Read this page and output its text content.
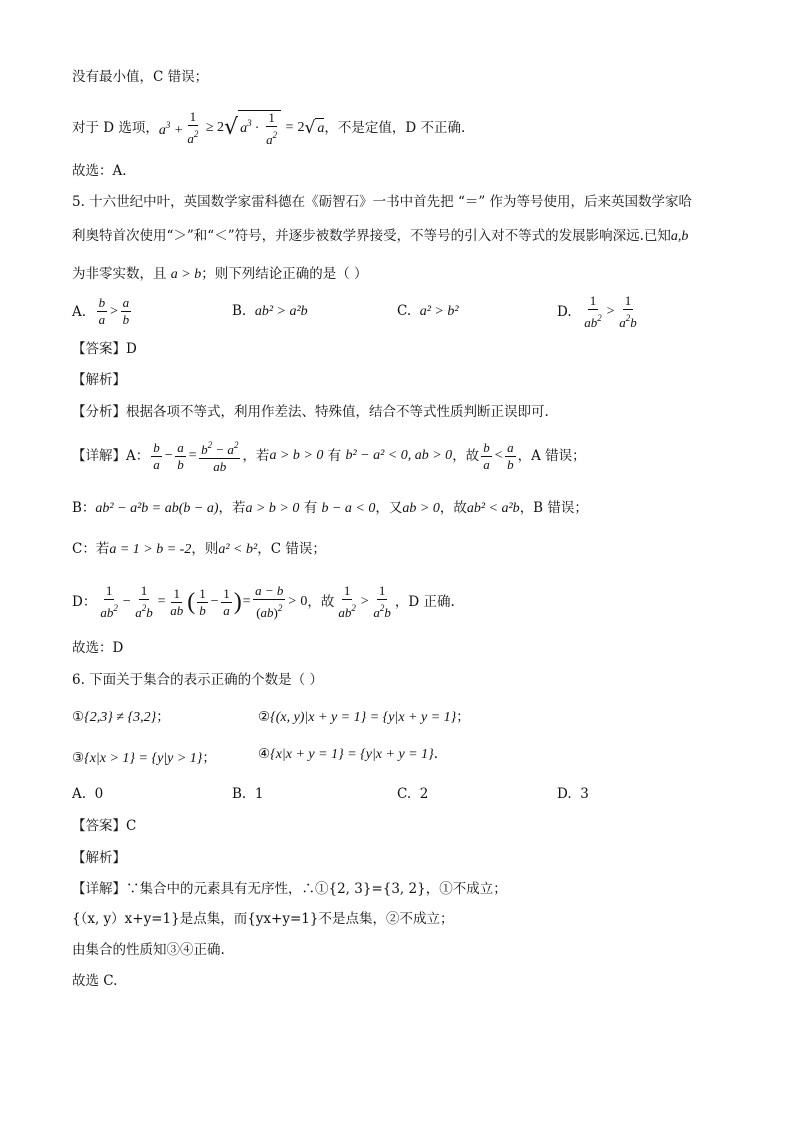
没有最小值，C 错误；
对于 D 选项， $a^3 + \frac{1}{a^2} \ge 2$ √ $a^3 \cdot \frac{1}{a^2} = 2$ √ a ，不是定值，D 不正确.
故选：A.
5. 十六世纪中叶，英国数学家雷科德在《砺智石》一书中首先把 “＝” 作为等号使用，后来英国数学家哈
利奥特首次使用“＞”和“＜”符号，并逐步被数学界接受，不等号的引入对不等式的发展影响深远.已知a,b
为非零实数，且 a > b；则下列结论正确的是（ ）
A.
$\frac{b}{a} > \frac{a}{b}$	B. ab² > a²b	C. a² > b²	D.
$\frac{1}{ab^2} > \frac{1}{a^2b}$
【答案】D
【解析】
【分析】根据各项不等式，利用作差法、特殊值，结合不等式性质判断正误即可.
【详解】A： $\frac{b}{a} - \frac{a}{b} = \frac{b^2 - a^2}{ab}$ ，若 a > b > 0
有
b² − a² < 0, ab > 0 ，故 $\frac{b}{a} < \frac{a}{b}$ ，A 错误；
B：ab² − a²b = ab(b − a)，若a > b > 0 有 b − a < 0，又ab > 0，故ab² < a²b，B 错误；
C：若a = 1 > b = -2，则a² < b²，C 错误；
D： $\frac{1}{ab^2} - \frac{1}{a^2b} = \frac{1}{ab}$ ( $\frac{1}{b} - \frac{1}{a}$ ) = $\frac{a - b}{(ab)^2} > 0$ ，故 $\frac{1}{ab^2} > \frac{1}{a^2b}$ ，D 正确.
故选：D
6. 下面关于集合的表示正确的个数是（ ）
①{2,3} ≠ {3,2}；	②{(x, y)|x + y = 1} = {y|x + y = 1}；
③{x|x > 1} = {y|y > 1}；	④{x|x + y = 1} = {y|x + y = 1}.
A. 0	B. 1	C. 2	D. 3
【答案】C
【解析】
【详解】∵集合中的元素具有无序性，∴①{2, 3}={3, 2}，①不成立；
{（x, y）x+y=1}是点集，而{yx+y=1}不是点集，②不成立；
由集合的性质知③④正确.
故选 C.
